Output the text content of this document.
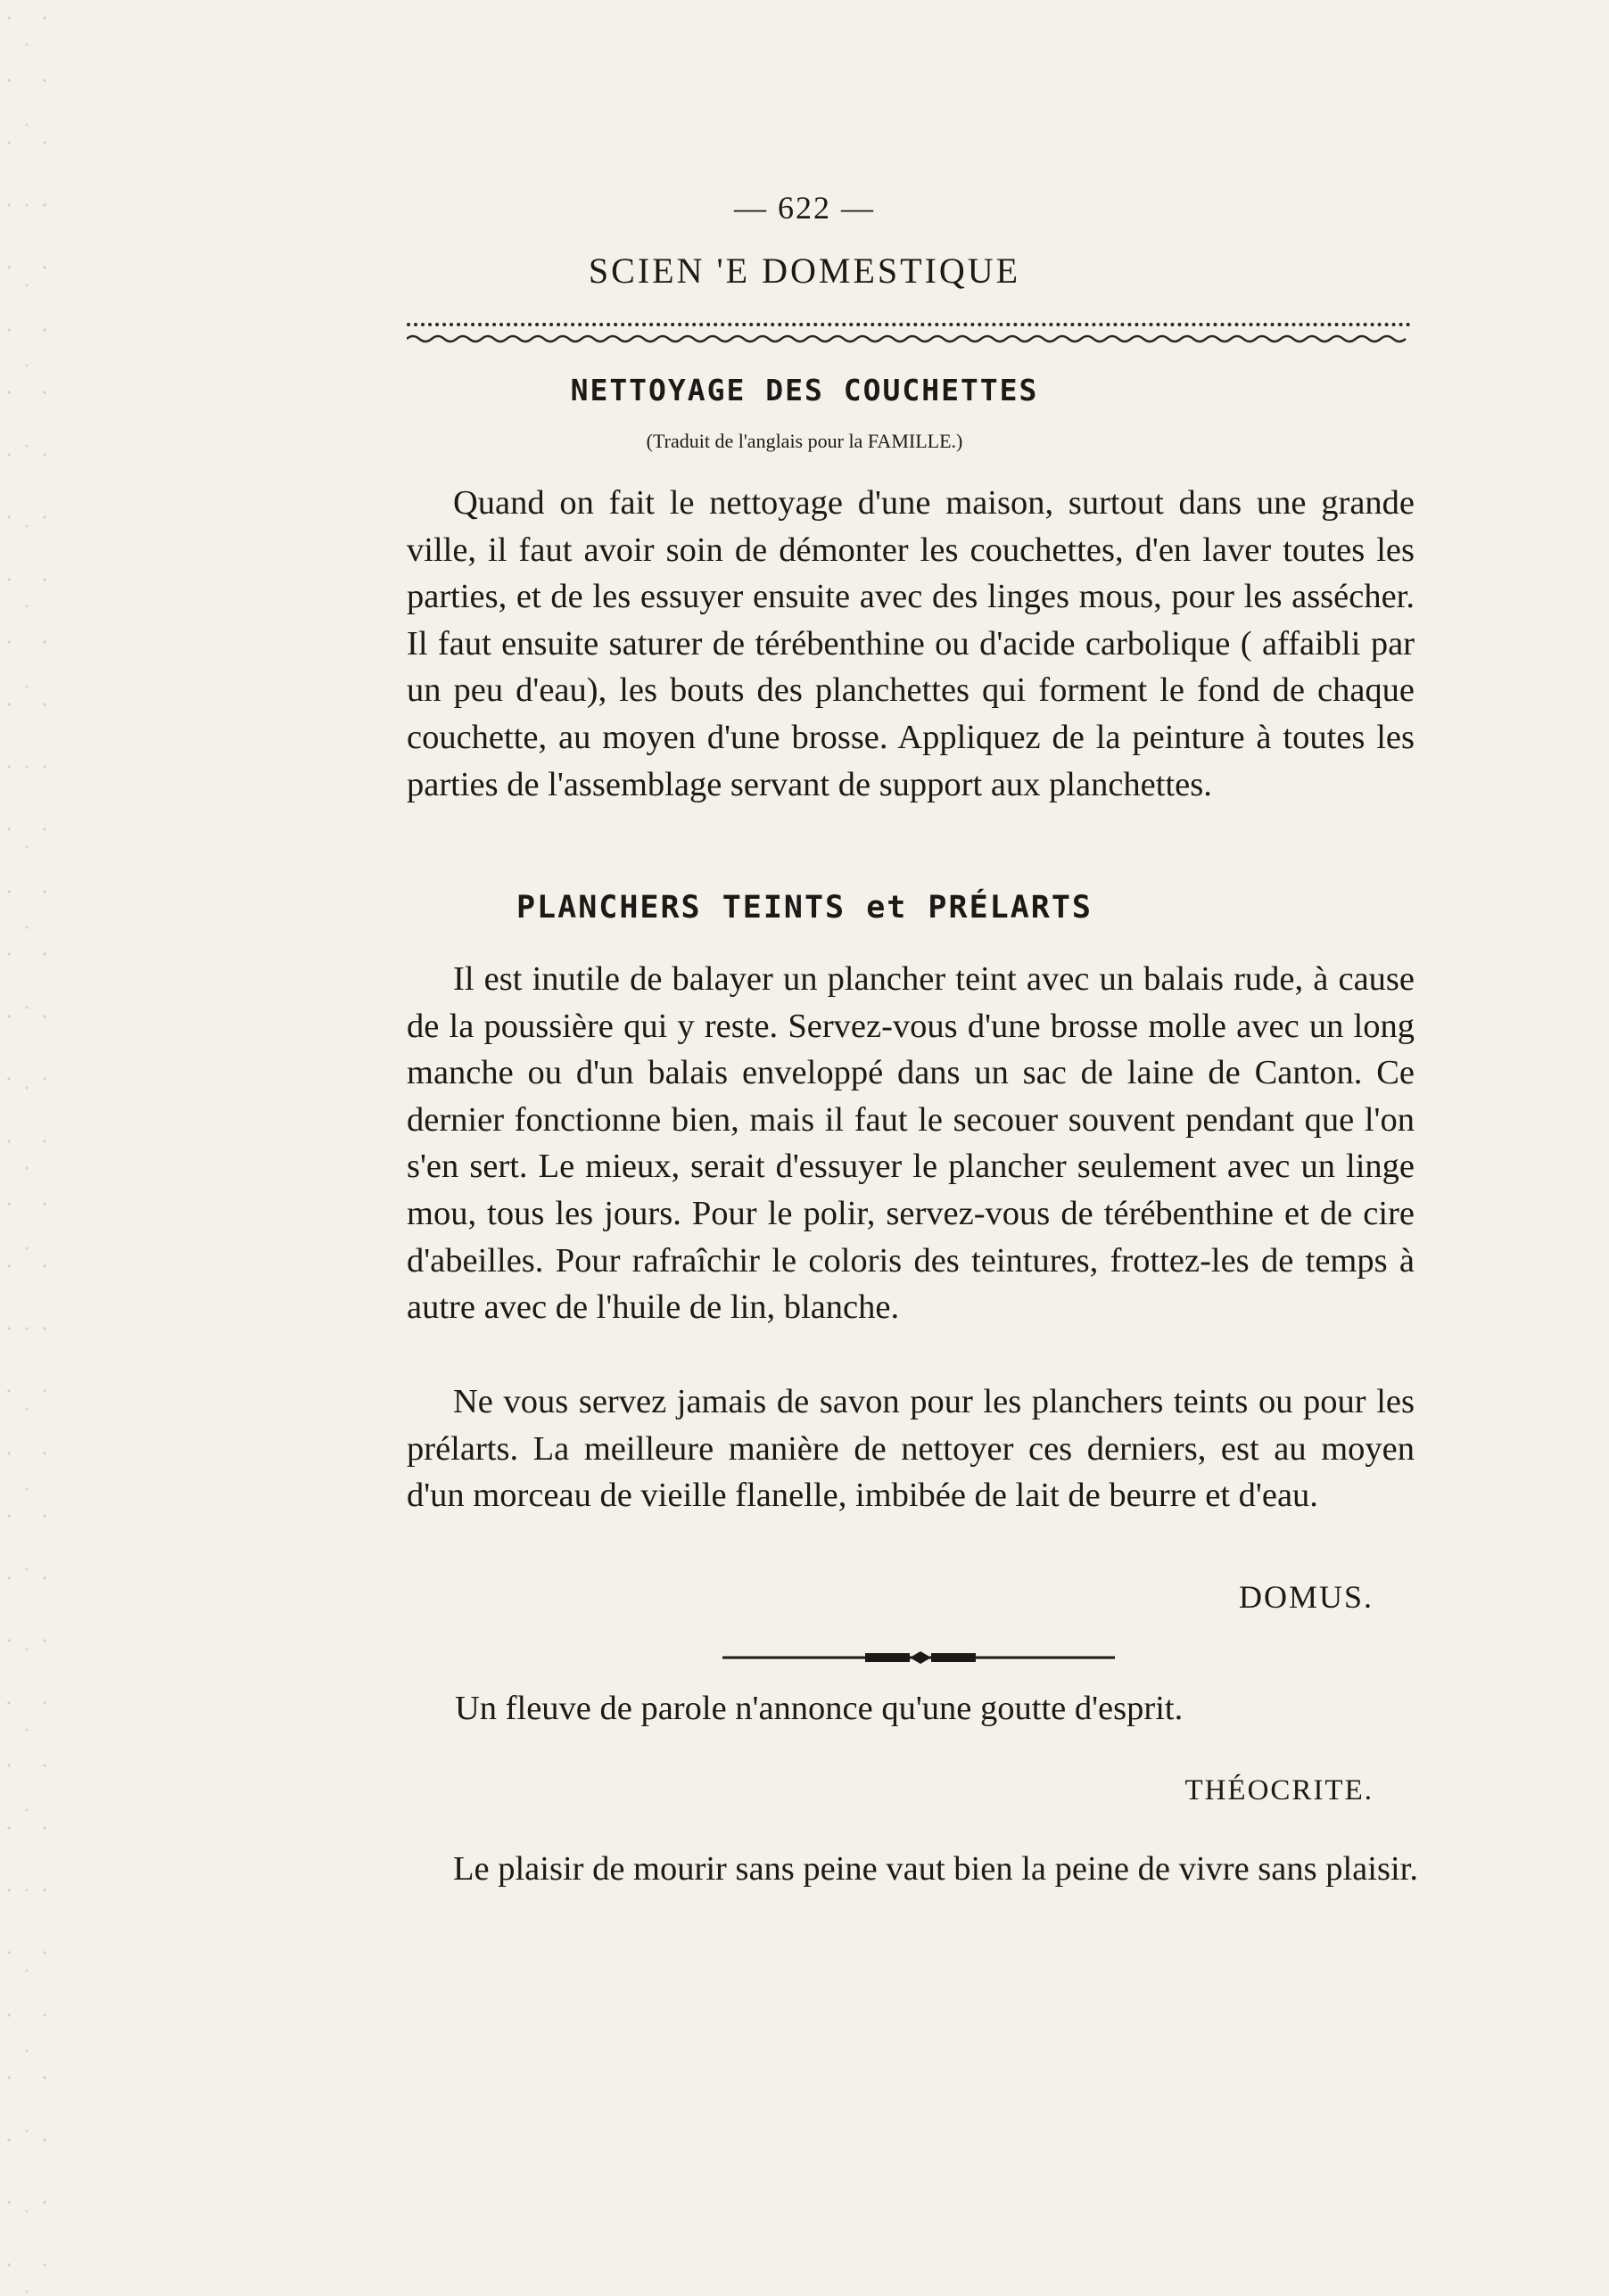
— 622 —
SCIEN 'E DOMESTIQUE
NETTOYAGE DES COUCHETTES
(Traduit de l'anglais pour la FAMILLE.)

Quand on fait le nettoyage d'une maison, surtout dans une grande ville, il faut avoir soin de démonter les couchettes, d'en laver toutes les parties, et de les essuyer ensuite avec des linges mous, pour les assécher. Il faut ensuite saturer de térébenthine ou d'acide carbolique ( affaibli par un peu d'eau), les bouts des planchettes qui forment le fond de chaque couchette, au moyen d'une brosse. Appliquez de la peinture à toutes les parties de l'assemblage servant de support aux planchettes.

PLANCHERS TEINTS et PRÉLARTS

Il est inutile de balayer un plancher teint avec un balais rude, à cause de la poussière qui y reste. Servez-vous d'une brosse molle avec un long manche ou d'un balais enveloppé dans un sac de laine de Canton. Ce dernier fonctionne bien, mais il faut le secouer souvent pendant que l'on s'en sert. Le mieux, serait d'essuyer le plancher seulement avec un linge mou, tous les jours. Pour le polir, servez-vous de térébenthine et de cire d'abeilles. Pour rafraîchir le coloris des teintures, frottez-les de temps à autre avec de l'huile de lin, blanche.

Ne vous servez jamais de savon pour les planchers teints ou pour les prélarts. La meilleure manière de nettoyer ces derniers, est au moyen d'un morceau de vieille flanelle, imbibée de lait de beurre et d'eau.

DOMUS.

Un fleuve de parole n'annonce qu'une goutte d'esprit.

THÉOCRITE.

Le plaisir de mourir sans peine vaut bien la peine de vivre sans plaisir.
